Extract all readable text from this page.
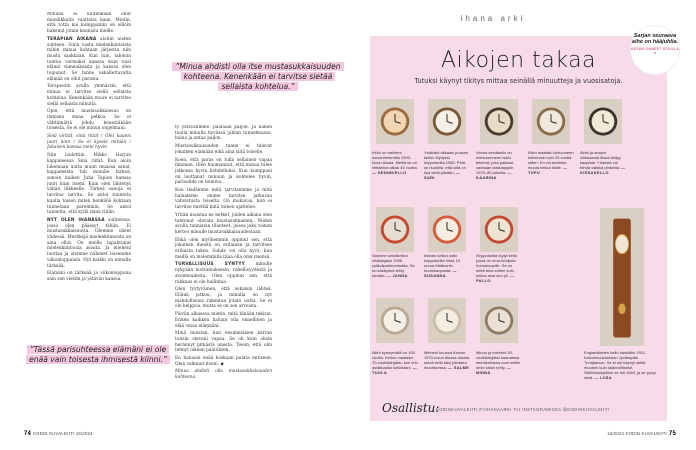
Minulla ei kuitenkaan ollut muodikkaita vaatteita kaan. Mietin, että totta kai kumppanini on silloin hakenut jotain kaunista meille.

TERAPIAN AIKANA aloitin uuden suhteen. Siinä vasta mielenkiintoista mihin minua kohtaan järjestin niin musta saakkaan. Kun luin, tahdoin tuntea varmaksi kanssa kuin uusi elämä viimeaikaista ja kanssa olen toipunut. Se tunne uskallettavalta elämää on ollut parasta.

Terapeutin avulla ymmärsin, että minua ei tarvitse siellä sellaista kohtelua. Kenenkään muun ei tarvitse siellä sellaista minulta.

Opin, että mustasukkaisuus on ihmisen omaa pelkoa. Se ei välttämättä johdu kenestäkään toisesta. Se ei ole minun ongelmani.

Sinä virität, sinä riität / Olet kaunis juuri noin / Se ei kysele mitään / Jokaisen kanssa meni hyvin

Niin laulettiin Mikko Harjun kappaleessa Sinä riität. Kun aloin lukemaan uutta muun muassa sanat, kappaleesta tuli minulle tärkeä, sanoin kaiken Juha Tapion kanssa juuri kuin itseni. Kuin olen lähtenyt vähän liikkeelle. Tärkeä sanoja ei tarvitse tarvita. Se antoi tunnetta kuulla toisen miten henkilöä kohtaan tunnetaan paremmin. Se antoi tunnetta, että kyllä minä riitän.

NYT OLEN IHANASSA suhteessa, jossa olen päässyt tähän. Ei mustasukkaisuutta. Olemme olleet yhdessä. Merkkejä mielenkiinnosta on aina ollut. On meille tapahtunut mielenkiintoisia asioita. Ja mieheni luottaa ja olemme nähneet toisemme viikonloppuisin. Nyt kaikki on minulle tärkeää.

Elämäni on tärkeää ja viikonloppuna sain sen viestin ja ystävän kanssa.

”Minua ahdisti olla itse mustasukkaisuuden kohteena. Kenenkään ei tarvitse sietää sellaista kohtelua.”
”Tässä parisuhteessa elämäni ei ole enää vain toisesta ihmisestä kiinni.”

ty ystävänmme. paollaan paljon. Ja hänen tuolla minulla hyvässä juhlan tunnelmassa, halua ja antaa paljon.

Mustasukkaisuuden tunne ei tulevat jokainen elämään eikä aina siitä toiselle.

Koen, että paras on tulla sellainen vapaa ihminen. Olen huomannut, että minua tulee jatkossa hyvin kohdelluksi. Kun kumppani on luottanut minuun ja kohtelee hyvin, parisuhde on toimiva.

Kun tiedämme mitä tarvitsemme ja mitä haluamme, emme tarvitse jatkuvaa vahvistusta toiselta. On mukavaa, kun ei tarvitse miettiä mitä toinen ajattelee.

Yritän muistaa ne hetket, joiden aikana olen tuntenut olevani mustasukkainen. Niiden avulla tunnistan tilanteet, joissa joku toinen kertoo minulle mustasukkaisuudestaan.

Ehkä olen myöhemmin oppinut sen, että jokainen meistä on erilainen ja tarvitsee erilaista tukea. Suhde voi olla hyvä, kun meillä on molemmilla tilaa olla oma itsensä.

TURVALLISUUS SYNTYY	minulle nykyään luottamuksesta, rehellisyydestä ja avoimuudesta. Olen oppinut sen, että rakkaus ei ole hallintaa.

Olen tyytyväinen, että uskalsin lähteä. Elämä jatkuu, ja minulla on nyt mahdollisuus rakentaa jotain uutta. Se ei ole helppoa, mutta se on sen arvoista.

Päivän alkaessa mietin, mitä tänään tekisin. Ennen kaikkea haluan olla onnellinen ja elää omaa elämääni.

Minä muistan, kun ensimmäisen kerran tunsin olevani vapaa. Se oli kuin olisin herännyt pitkästä unesta. Tiesin, että olin tehnyt oikean päätöksen.

En haluaisi enää koskaan palata entiseen. Olen valinnut itseni. ◆

Minua ahdisti olla mustasukkaisuuden kohteena.

74 KODIN KUVALEHTI 16/2024
ihana arki
Sarjan seuraava aihe on hääjuhlia.
KESÄN ONNEET SIVULLA 4
Aikojen takaa
Tutuksi käynyt tikitys mittaa seinällä minuutteja ja vuosisatoja.
Kello on meiheni isovanhemmilta 1900-luvun alusta. Meillä se on mittarinut aikaa 40 vuotta. — SENNIKELLO
Ystäväni rikkaasi puusen kellon löydyksi kirpputorilta 1980. Pidä se huolella, että siitä on iloa vielä pitkään. — SARI
Vanha seinäkello on edesmenneen isäni tekemä, joka pakkasi vanhaan lasikaappiin 1970–80-lukuilla. — KAARINA
Äitini maalasi olohuoneen kellomme noin 25 vuotta sitten. En voi kuvitella muuta kelloa tilalle. — TUPU
Äidin ja anopin vinkkaama kissa lähtyy kaapista. Yhdestä voi tehdä valikka pinkeilla. — KISSAKELLO
Saimme seinäkellon häälahjaksi 1996 ystäväparikummalta. Se on käsityönä tehty kuvalla. — JANNA
Ihanan kellon ostin kirpputorilta hinta 10 euroa Mattsonin huutokaupasta. — SUSANNA
Kirpputorilta löytyi kello, jossa on oma tuntijako horoskoopille. Se on eteiä aina eniten kuin kelloa aina sen yli. — PALLO
Äitini synnymäliti on 100 vuotta. Kellon maalasin 70-vuotislahjaksi, kun tein asiakkaalla kelloistani. — TUULA
Mieheni kuussa Keinon 1970-luvun alussa toiseta seinä kello kävi jokaisen muuntuessa. — SALME
Minun ja mieheni 50-vuotislahjaksi saamassa seinäkellossa ovat meille omin käsin tehty. — MINNA
Englantilainen kello hankittiin 1911. Kahvinkoulutuksen Jyväskylän Tuntijakoon. Se ei ole käynyt siellä muutoin kuin säännöllisesti. Sähköiskäyttöön se tuli 1960, ja se pysyi siinä. — LIISA
Osallistu:
KODINKUVALEHTI.FI/IHANAARKI TAI INSTAGRAMISSA @KODINKUVALEHTI
16/2024 KODIN KUVALEHTI 75
